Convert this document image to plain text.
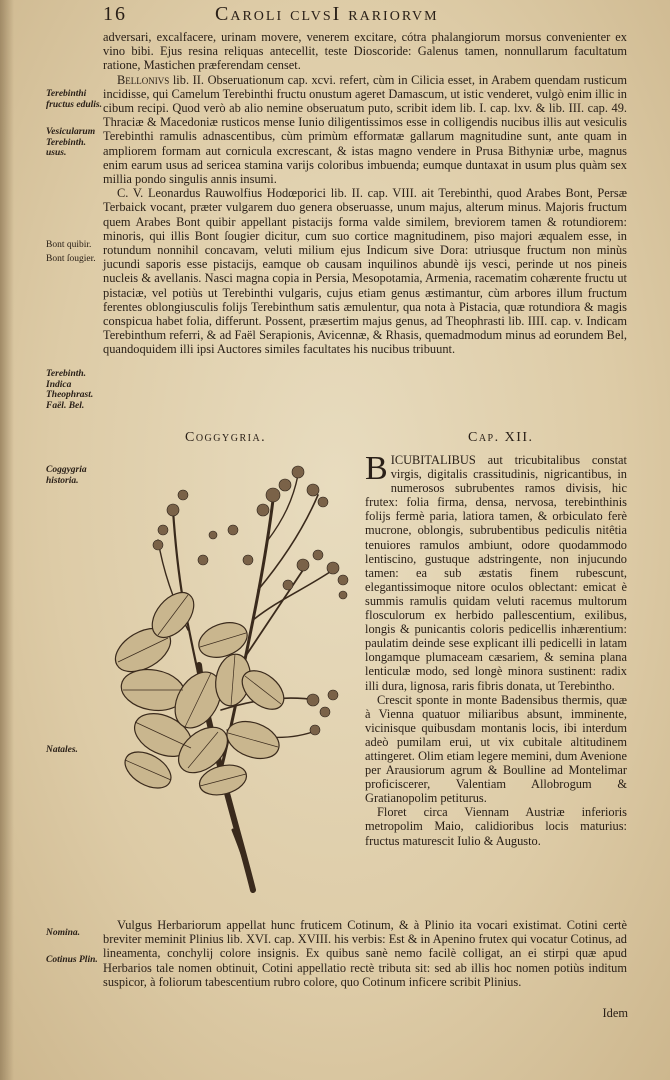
16	Caroli clvsI rariorvm

adversari, excalfacere, urinam movere, venerem excitare, cótra phalangiorum morsus convenienter ex vino bibi. Ejus resina reliquas antecellit, teste Dioscoride: Galenus tamen, nonnullarum facultatum ratione, Mastichen præferendam censet.

Bellonivs lib. II. Obseruationum cap. xcvi. refert, cùm in Cilicia esset, in Arabem quendam rusticum incidisse, qui Camelum Terebinthi fructu onustum ageret Damascum, ut istic venderet, vulgò enim illic in cibum recipi. Quod verò ab alio nemine obseruatum puto, scribit idem lib. I. cap. lxv. & lib. III. cap. 49. Thraciæ & Macedoniæ rusticos mense Iunio diligentissimos esse in colligendis nucibus illis aut vesiculis Terebinthi ramulis adnascentibus, cùm primùm efformatæ gallarum magnitudine sunt, ante quam in ampliorem formam aut cornicula excrescant, & istas magno vendere in Prusa Bithyniæ urbe, magnus enim earum usus ad sericea stamina varijs coloribus imbuenda; eumque duntaxat in usum plus quàm sex millia pondo singulis annis insumi.

C. V. Leonardus Rauwolfius Hodœporici lib. II. cap. VIII. ait Terebinthi, quod Arabes Bont, Persæ Terbaick vocant, præter vulgarem duo genera obseruasse, unum majus, alterum minus. Majoris fructum quem Arabes Bont quibir appellant pistacijs forma valde similem, breviorem tamen & rotundiorem: minoris, qui illis Bont ſougier dicitur, cum suo cortice magnitudinem, piso majori æqualem esse, in rotundum nonnihil concavam, veluti milium ejus Indicum sive Dora: utriusque fructum non minùs jucundi saporis esse pistacijs, eamque ob causam inquilinos abundè ijs vesci, perinde ut nos pineis nucleis & avellanis. Nasci magna copia in Persia, Mesopotamia, Armenia, racematim cohærente fructu ut pistaciæ, vel potiùs ut Terebinthi vulgaris, cujus etiam genus æstimantur, cùm arbores illum fructum ferentes oblongiusculis folijs Terebinthum satis æmulentur, qua nota à Pistacia, quæ rotundiora & magis conspicua habet folia, differunt. Possent, præsertim majus genus, ad Theophrasti lib. IIII. cap. v. Indicam Terebinthum referri, & ad Faël Serapionis, Avicennæ, & Rhasis, quemadmodum minus ad eorundem Bel, quandoquidem illi ipsi Auctores similes facultates his nucibus tribuunt.

Terebinthi fructus edulis.
Vesicularum Terebinth. usus.
Bont quibir.
Bont ſougier.
Terebinth. Indica Theophrast. Faël. Bel.
Coggygria historia.
Natales.
Nomina.
Cotinus Plin.
Coggygria.	Cap. XII.

BICUBITALIBUS aut tricubitalibus constat virgis, digitalis crassitudinis, nigricantibus, in numerosos subrubentes ramos divisis, hic frutex: folia firma, densa, nervosa, terebinthinis folijs fermè paria, latiora tamen, & orbiculato ferè mucrone, oblongis, subrubentibus pediculis nitêtia tenuiores ramulos ambiunt, odore quodammodo lentiscino, gustuque adstringente, non injucundo tamen: ea sub æstatis finem rubescunt, elegantissimoque nitore oculos oblectant: emicat è summis ramulis quidam veluti racemus multorum flosculorum ex herbido pallescentium, exilibus, longis & punicantis coloris pedicellis inhærentium: paulatim deinde sese explicant illi pedicelli in latam longamque plumaceam cæsariem, & semina plana lenticulæ modo, sed longè minora sustinent: radix illi dura, lignosa, raris fibris donata, ut Terebintho.

Crescit sponte in monte Badensibus thermis, quæ à Vienna quatuor miliaribus absunt, imminente, vicinisque quibusdam montanis locis, ibi interdum adeò pumilam erui, ut vix cubitale altitudinem attingeret. Olim etiam legere memini, dum Avenione per Arausiorum agrum & Boulline ad Montelimar proficiscerer, Valentiam Allobrogum & Gratianopolim petiturus.

Floret circa Viennam Austriæ inferioris metropolim Maio, calidioribus locis maturius: fructus maturescit Iulio & Augusto.

Vulgus Herbariorum appellat hunc fruticem Cotinum, & à Plinio ita vocari existimat. Cotini certè breviter meminit Plinius lib. XVI. cap. XVIII. his verbis: Est & in Apenino frutex qui vocatur Cotinus, ad lineamenta, conchylij colore insignis. Ex quibus sanè nemo facilè colligat, an ei stirpi quæ apud Herbarios tale nomen obtinuit, Cotini appellatio rectè tributa sit: sed ab illis hoc nomen potiùs inditum suspicor, à foliorum tabescentium rubro colore, quo Cotinum inficere scribit Plinius.

Idem
